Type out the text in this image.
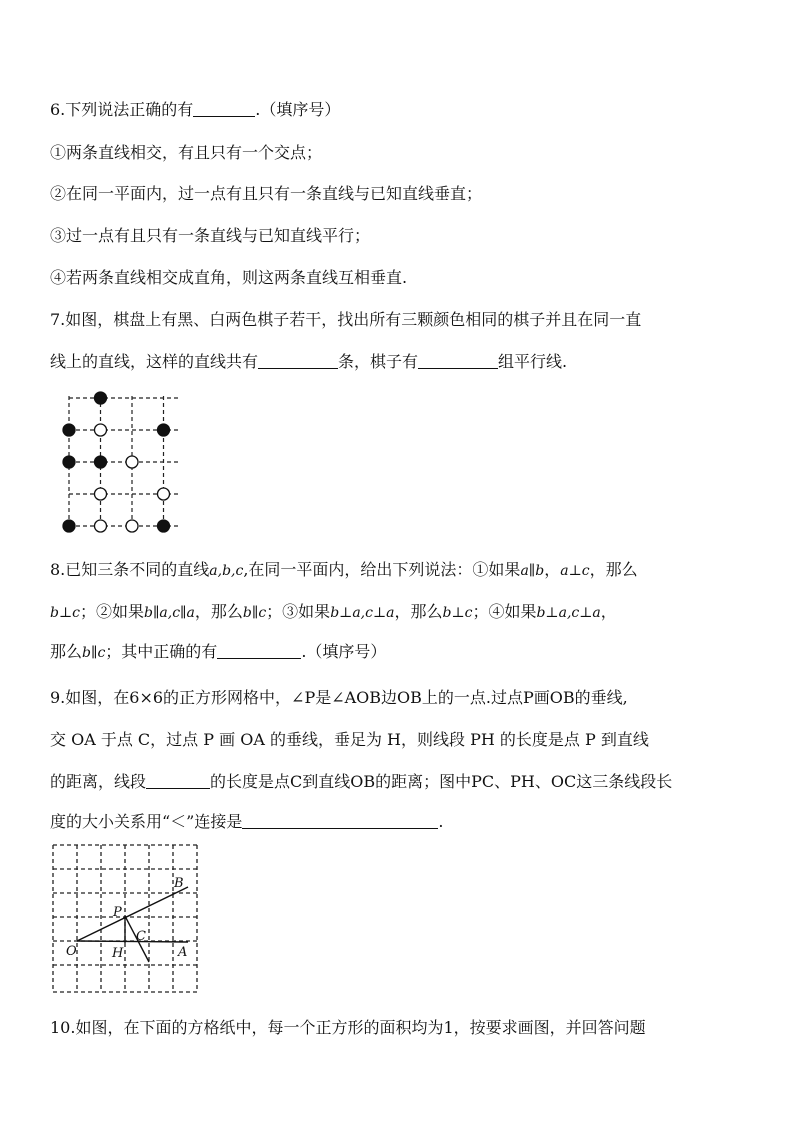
6.下列说法正确的有	.（填序号）
①两条直线相交，有且只有一个交点；
②在同一平面内，过一点有且只有一条直线与已知直线垂直；
③过一点有且只有一条直线与已知直线平行；
④若两条直线相交成直角，则这两条直线互相垂直.
7.如图，棋盘上有黑、白两色棋子若干，找出所有三颗颜色相同的棋子并且在同一直
线上的直线，这样的直线共有	条，棋子有	组平行线.
8.已知三条不同的直线a,b,c,在同一平面内，给出下列说法：①如果a∥b，a⊥c，那么
b⊥c；②如果b∥a,c∥a，那么b∥c；③如果b⊥a,c⊥a，那么b⊥c；④如果b⊥a,c⊥a，
那么b∥c；其中正确的有	.（填序号）
9.如图，在6×6的正方形网格中，∠P是∠AOB边OB上的一点.过点P画OB的垂线,
交 OA 于点 C，过点 P 画 OA 的垂线，垂足为 H，则线段 PH 的长度是点 P 到直线
的距离，线段	的长度是点C到直线OB的距离；图中PC、PH、OC这三条线段长
度的大小关系用“＜”连接是	.
O	A
B
P
C
H
10.如图，在下面的方格纸中，每一个正方形的面积均为1，按要求画图，并回答问题
